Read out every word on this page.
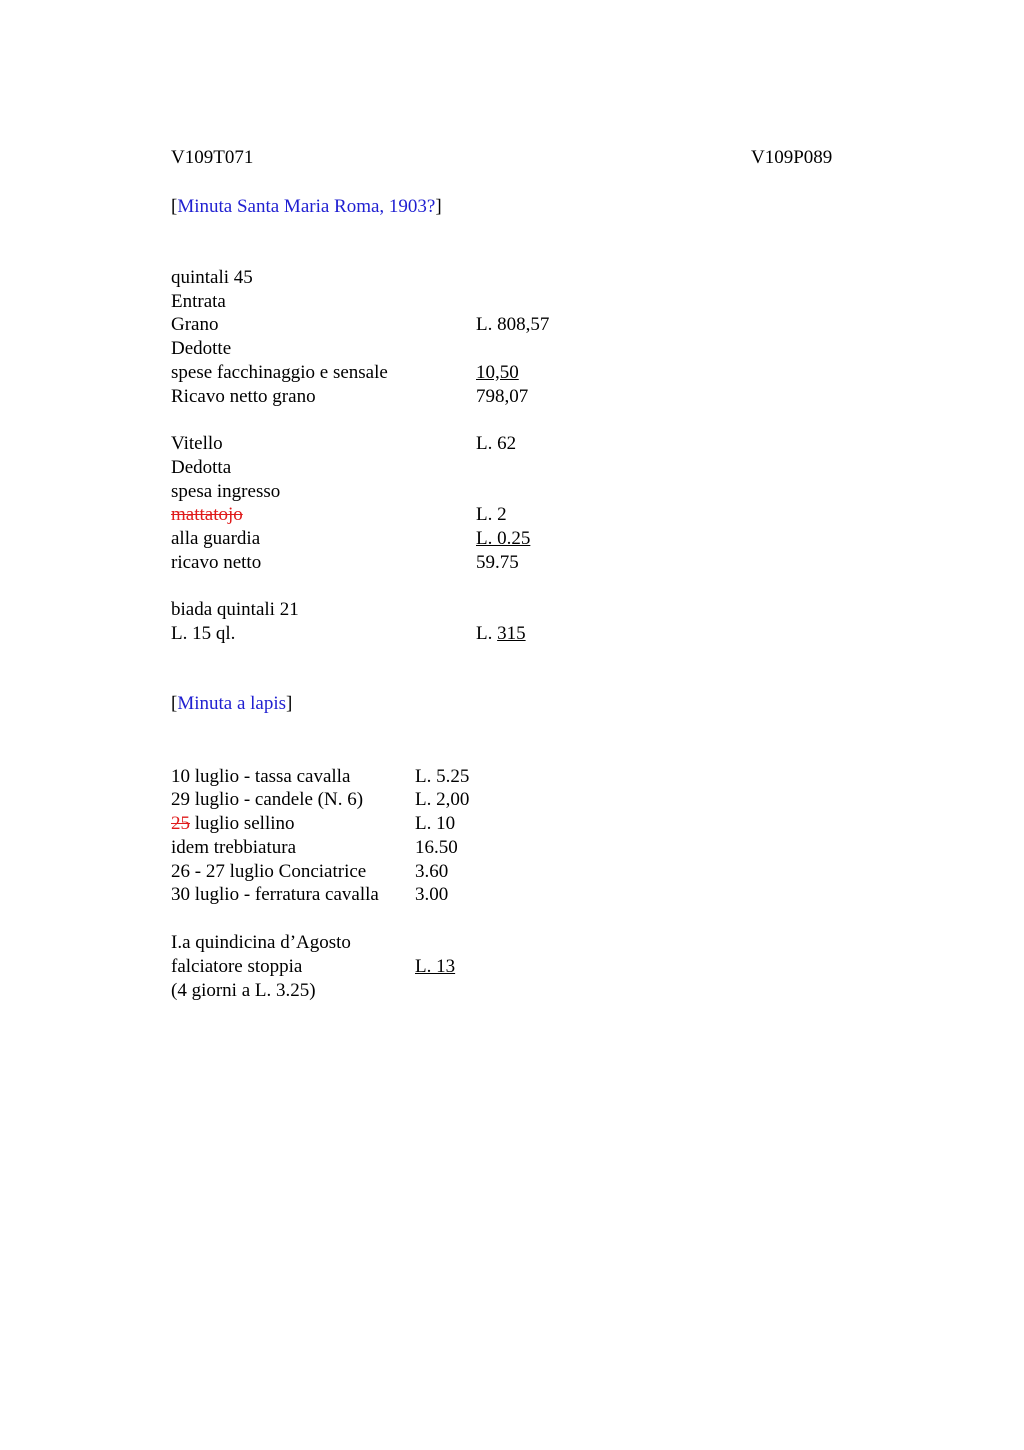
V109T071	V109P089
[Minuta Santa Maria Roma, 1903?]
quintali 45
Entrata
Grano	L. 808,57
Dedotte
spese facchinaggio e sensale	10,50
Ricavo netto grano	798,07
Vitello	L. 62
Dedotta
spesa ingresso
mattatojo	L. 2
alla guardia	L. 0.25
ricavo netto	59.75
biada quintali 21
L. 15 ql.	L. 315
[Minuta a lapis]
10 luglio - tassa cavalla	L. 5.25
29 luglio - candele (N. 6)	L. 2,00
25 luglio sellino	L. 10
idem trebbiatura	16.50
26 - 27 luglio Conciatrice	3.60
30 luglio - ferratura cavalla 3.00
I.a quindicina d’Agosto
falciatore stoppia	L. 13
(4 giorni a L. 3.25)
